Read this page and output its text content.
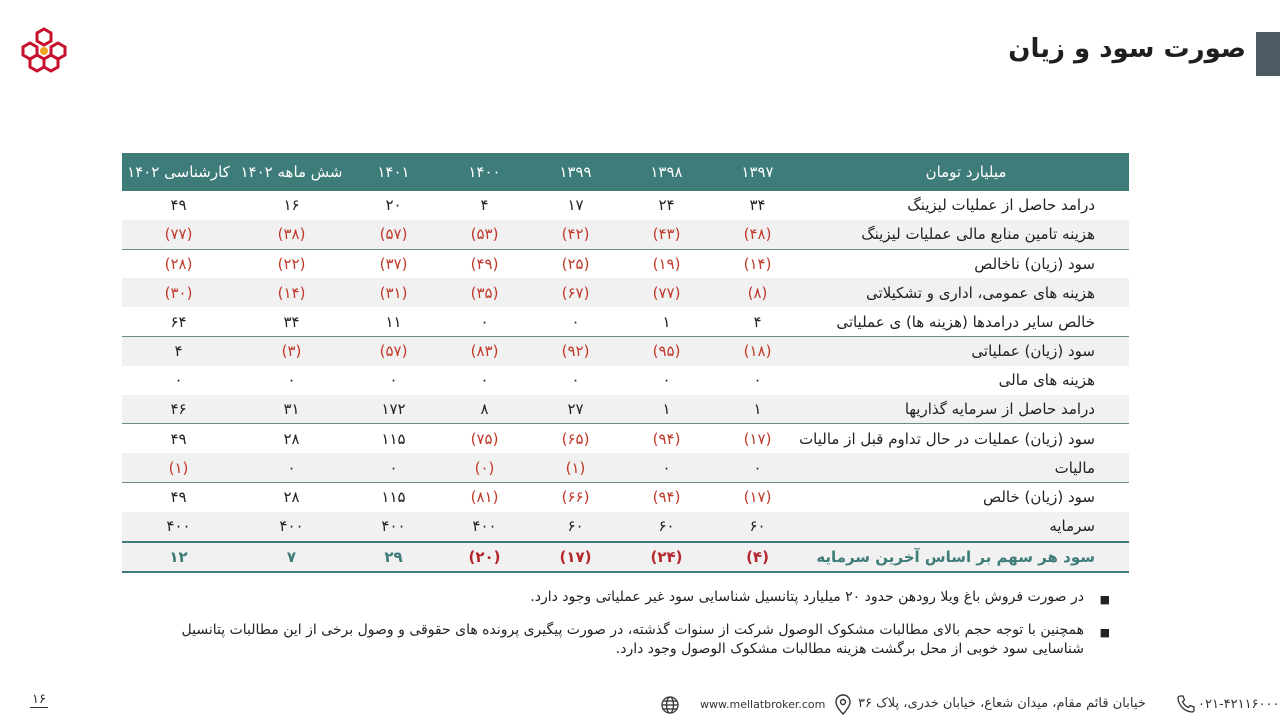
صورت سود و زیان
میلیارد تومان	۱۳۹۷	۱۳۹۸	۱۳۹۹	۱۴۰۰	۱۴۰۱	شش ماهه ۱۴۰۲	کارشناسی ۱۴۰۲
درامد حاصل از عملیات لیزینگ	۳۴	۲۴	۱۷	۴	۲۰	۱۶	۴۹
هزینه تامین منابع مالی عملیات لیزینگ	(۴۸)	(۴۳)	(۴۲)	(۵۳)	(۵۷)	(۳۸)	(۷۷)
سود (زیان) ناخالص	(۱۴)	(۱۹)	(۲۵)	(۴۹)	(۳۷)	(۲۲)	(۲۸)
هزینه های عمومی، اداری و تشکیلاتی	(۸)	(۷۷)	(۶۷)	(۳۵)	(۳۱)	(۱۴)	(۳۰)
خالص سایر درامدها (هزینه ها) ی عملیاتی	۴	۱	۰	۰	۱۱	۳۴	۶۴
سود (زیان) عملیاتی	(۱۸)	(۹۵)	(۹۲)	(۸۳)	(۵۷)	(۳)	۴
هزینه های مالی	۰	۰	۰	۰	۰	۰	۰
درامد حاصل از سرمایه گذاریها	۱	۱	۲۷	۸	۱۷۲	۳۱	۴۶
سود (زیان) عملیات در حال تداوم قبل از مالیات	(۱۷)	(۹۴)	(۶۵)	(۷۵)	۱۱۵	۲۸	۴۹
مالیات	۰	۰	(۱)	(۰)	۰	۰	(۱)
سود (زیان) خالص	(۱۷)	(۹۴)	(۶۶)	(۸۱)	۱۱۵	۲۸	۴۹
سرمایه	۶۰	۶۰	۶۰	۴۰۰	۴۰۰	۴۰۰	۴۰۰
سود هر سهم بر اساس آخرین سرمایه	(۴)	(۲۴)	(۱۷)	(۲۰)	۲۹	۷	۱۲
■
در صورت فروش باغ ویلا رودهن حدود ۲۰ میلیارد پتانسیل شناسایی سود غیر عملیاتی وجود دارد.
■
همچنین با توجه حجم بالای مطالبات مشکوک الوصول شرکت از سنوات گذشته، در صورت پیگیری پرونده های حقوقی و وصول برخی از این مطالبات پتانسیل شناسایی سود خوبی از محل برگشت هزینه مطالبات مشکوک الوصول وجود دارد.
۱۶	www.mellatbroker.com	خیابان قائم مقام، میدان شعاع، خیابان خدری، پلاک ۳۶	۰۲۱-۴۲۱۱۶۰۰۰
